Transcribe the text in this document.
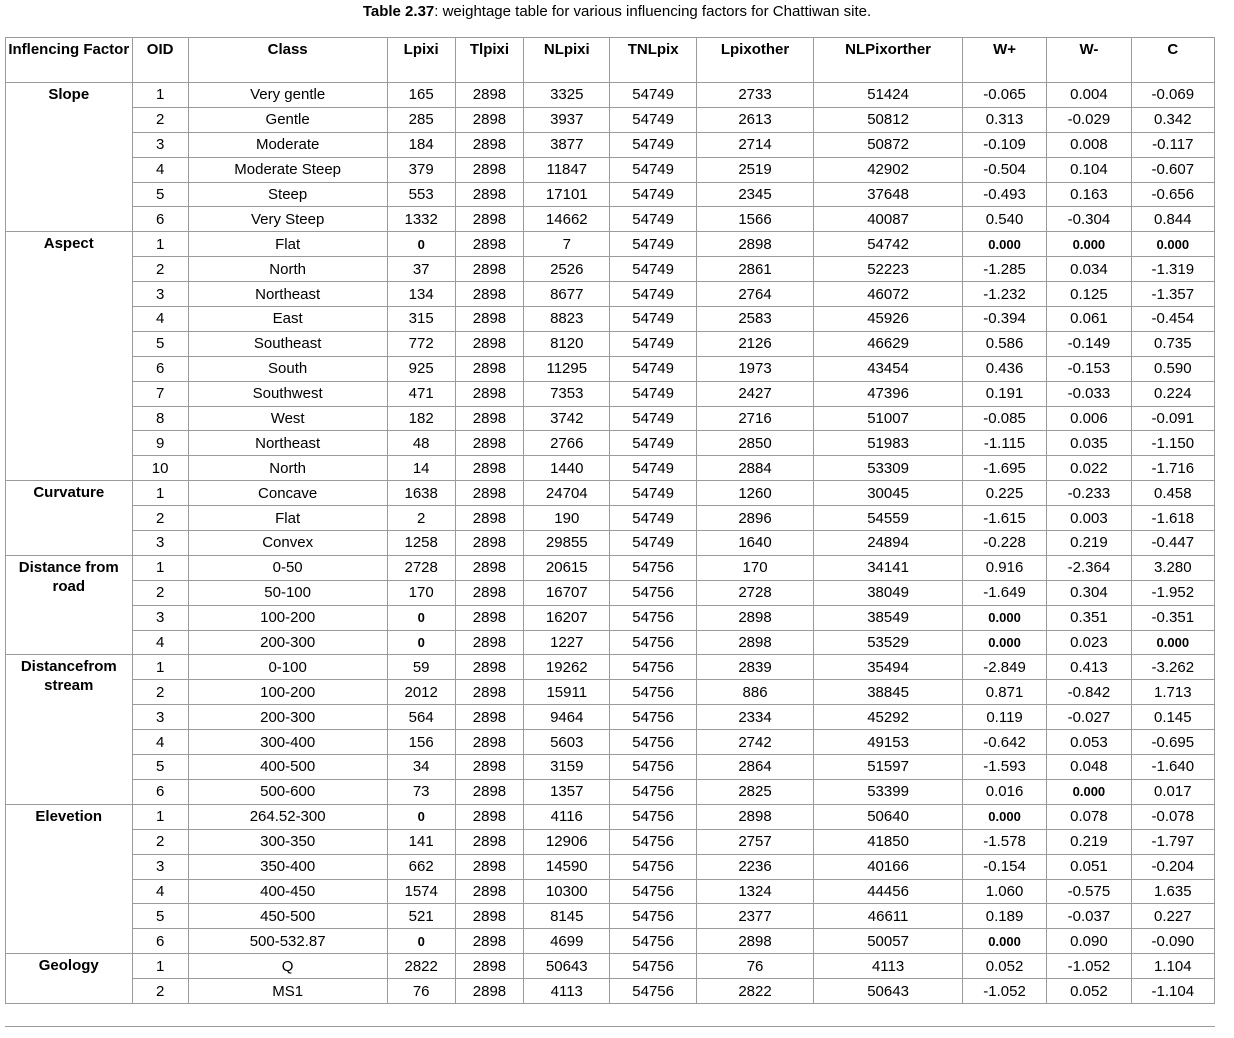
Table 2.37: weightage table for various influencing factors for Chattiwan site.
Inflencing Factor	OID	Class	Lpixi	Tlpixi	NLpixi	TNLpix	Lpixother	NLPixorther	W+	W-	C
Slope	1	Very gentle	165	2898	3325	54749	2733	51424	-0.065	0.004	-0.069
	2	Gentle	285	2898	3937	54749	2613	50812	0.313	-0.029	0.342
	3	Moderate	184	2898	3877	54749	2714	50872	-0.109	0.008	-0.117
	4	Moderate Steep	379	2898	11847	54749	2519	42902	-0.504	0.104	-0.607
	5	Steep	553	2898	17101	54749	2345	37648	-0.493	0.163	-0.656
	6	Very Steep	1332	2898	14662	54749	1566	40087	0.540	-0.304	0.844
Aspect	1	Flat	0	2898	7	54749	2898	54742	0.000	0.000	0.000
	2	North	37	2898	2526	54749	2861	52223	-1.285	0.034	-1.319
	3	Northeast	134	2898	8677	54749	2764	46072	-1.232	0.125	-1.357
	4	East	315	2898	8823	54749	2583	45926	-0.394	0.061	-0.454
	5	Southeast	772	2898	8120	54749	2126	46629	0.586	-0.149	0.735
	6	South	925	2898	11295	54749	1973	43454	0.436	-0.153	0.590
	7	Southwest	471	2898	7353	54749	2427	47396	0.191	-0.033	0.224
	8	West	182	2898	3742	54749	2716	51007	-0.085	0.006	-0.091
	9	Northeast	48	2898	2766	54749	2850	51983	-1.115	0.035	-1.150
	10	North	14	2898	1440	54749	2884	53309	-1.695	0.022	-1.716
Curvature	1	Concave	1638	2898	24704	54749	1260	30045	0.225	-0.233	0.458
	2	Flat	2	2898	190	54749	2896	54559	-1.615	0.003	-1.618
	3	Convex	1258	2898	29855	54749	1640	24894	-0.228	0.219	-0.447
Distance from road	1	0-50	2728	2898	20615	54756	170	34141	0.916	-2.364	3.280
	2	50-100	170	2898	16707	54756	2728	38049	-1.649	0.304	-1.952
	3	100-200	0	2898	16207	54756	2898	38549	0.000	0.351	-0.351
	4	200-300	0	2898	1227	54756	2898	53529	0.000	0.023	0.000
Distancefrom stream	1	0-100	59	2898	19262	54756	2839	35494	-2.849	0.413	-3.262
	2	100-200	2012	2898	15911	54756	886	38845	0.871	-0.842	1.713
	3	200-300	564	2898	9464	54756	2334	45292	0.119	-0.027	0.145
	4	300-400	156	2898	5603	54756	2742	49153	-0.642	0.053	-0.695
	5	400-500	34	2898	3159	54756	2864	51597	-1.593	0.048	-1.640
	6	500-600	73	2898	1357	54756	2825	53399	0.016	0.000	0.017
Elevetion	1	264.52-300	0	2898	4116	54756	2898	50640	0.000	0.078	-0.078
	2	300-350	141	2898	12906	54756	2757	41850	-1.578	0.219	-1.797
	3	350-400	662	2898	14590	54756	2236	40166	-0.154	0.051	-0.204
	4	400-450	1574	2898	10300	54756	1324	44456	1.060	-0.575	1.635
	5	450-500	521	2898	8145	54756	2377	46611	0.189	-0.037	0.227
	6	500-532.87	0	2898	4699	54756	2898	50057	0.000	0.090	-0.090
Geology	1	Q	2822	2898	50643	54756	76	4113	0.052	-1.052	1.104
	2	MS1	76	2898	4113	54756	2822	50643	-1.052	0.052	-1.104
